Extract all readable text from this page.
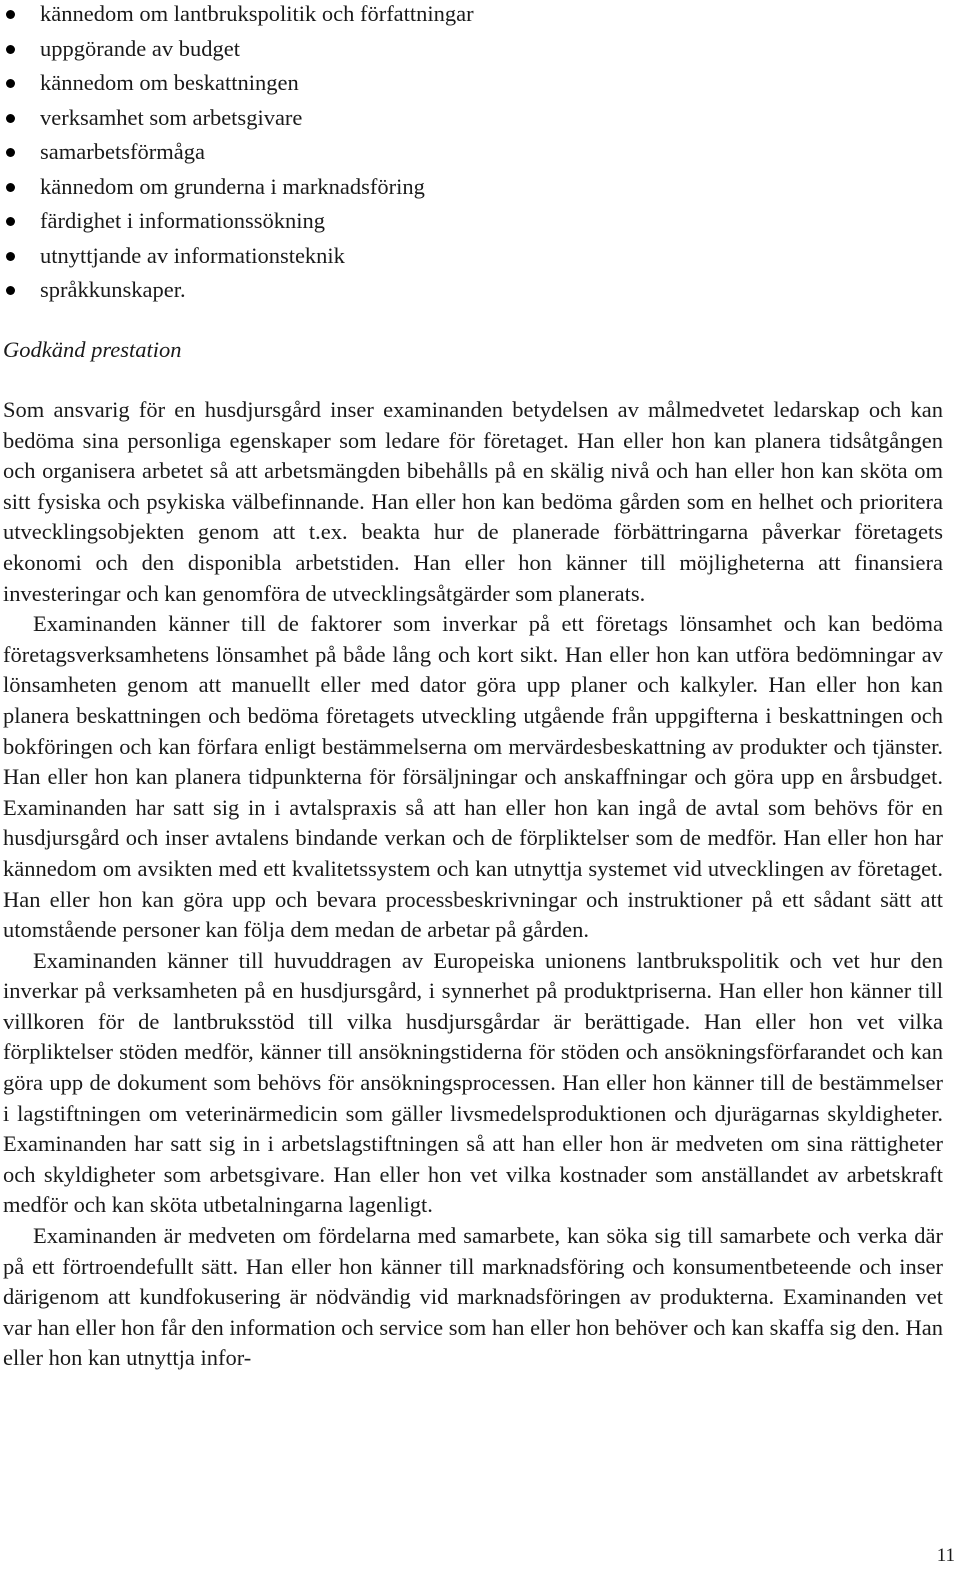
kännedom om lantbrukspolitik och författningar
uppgörande av budget
kännedom om beskattningen
verksamhet som arbetsgivare
samarbetsförmåga
kännedom om grunderna i marknadsföring
färdighet i informationssökning
utnyttjande av informationsteknik
språkkunskaper.
Godkänd prestation

Som ansvarig för en husdjursgård inser examinanden betydelsen av målmedvetet ledarskap och kan bedöma sina personliga egenskaper som ledare för företaget. Han eller hon kan planera tidsåtgången och organisera arbetet så att arbetsmängden bibehålls på en skälig nivå och han eller hon kan sköta om sitt fysiska och psykiska välbefinnande. Han eller hon kan bedöma gården som en helhet och prioritera utvecklingsobjekten genom att t.ex. beakta hur de planerade förbättringarna påverkar företagets ekonomi och den disponibla arbetstiden. Han eller hon känner till möjligheterna att finansiera investeringar och kan genomföra de utvecklingsåtgärder som planerats.

Examinanden känner till de faktorer som inverkar på ett företags lönsamhet och kan bedöma företagsverksamhetens lönsamhet på både lång och kort sikt. Han eller hon kan utföra bedömningar av lönsamheten genom att manuellt eller med dator göra upp planer och kalkyler. Han eller hon kan planera beskattningen och bedöma företagets utveckling utgående från uppgifterna i beskattningen och bokföringen och kan förfara enligt bestämmelserna om mervärdesbeskattning av produkter och tjänster. Han eller hon kan planera tidpunkterna för försäljningar och anskaffningar och göra upp en årsbudget. Examinanden har satt sig in i avtalspraxis så att han eller hon kan ingå de avtal som behövs för en husdjursgård och inser avtalens bindande verkan och de förpliktelser som de medför. Han eller hon har kännedom om avsikten med ett kvalitetssystem och kan utnyttja systemet vid utvecklingen av företaget. Han eller hon kan göra upp och bevara processbeskrivningar och instruktioner på ett sådant sätt att utomstående personer kan följa dem medan de arbetar på gården.

Examinanden känner till huvuddragen av Europeiska unionens lantbrukspolitik och vet hur den inverkar på verksamheten på en husdjursgård, i synnerhet på produktpriserna. Han eller hon känner till villkoren för de lantbruksstöd till vilka husdjursgårdar är berättigade. Han eller hon vet vilka förpliktelser stöden medför, känner till ansökningstiderna för stöden och ansökningsförfarandet och kan göra upp de dokument som behövs för ansökningsprocessen. Han eller hon känner till de bestämmelser i lagstiftningen om veterinärmedicin som gäller livsmedelsproduktionen och djurägarnas skyldigheter. Examinanden har satt sig in i arbetslagstiftningen så att han eller hon är medveten om sina rättigheter och skyldigheter som arbetsgivare. Han eller hon vet vilka kostnader som anställandet av arbetskraft medför och kan sköta utbetalningarna lagenligt.

Examinanden är medveten om fördelarna med samarbete, kan söka sig till samarbete och verka där på ett förtroendefullt sätt. Han eller hon känner till marknadsföring och konsumentbeteende och inser därigenom att kundfokusering är nödvändig vid marknadsföringen av produkterna. Examinanden vet var han eller hon får den information och service som han eller hon behöver och kan skaffa sig den. Han eller hon kan utnyttja infor-

11
